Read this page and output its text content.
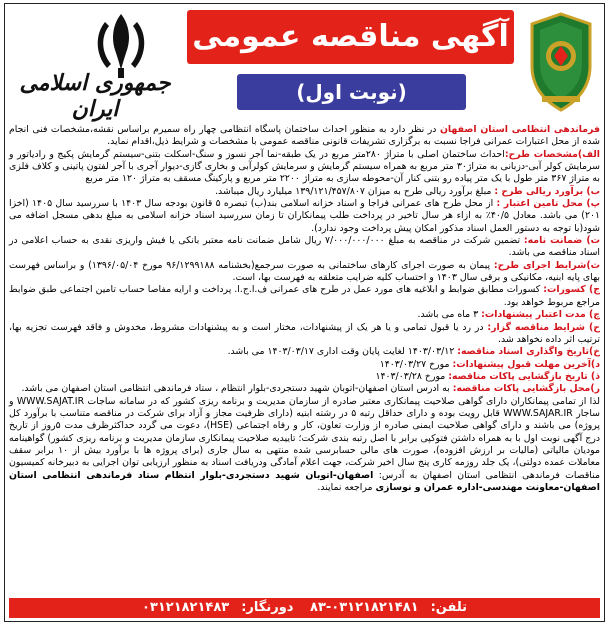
آگهی مناقصه عمومی
(نوبت اول)
جمهوری اسلامی ایران

فرماندهی انتظامی استان اصفهان در نظر دارد به منظور احداث ساختمان پاسگاه انتظامی چهار راه سمیرم براساس نقشه،مشخصات فنی انجام شده از محل اعتبارات عمرانی فراجا نسبت به برگزاری تشریفات قانونی مناقصه عمومی با مشخصات و شرایط ذیل،اقدام نماید.

الف)مشخصات طرح:احداث ساختمان اصلی با متراژ ۲۸۰متر مربع در یک طبقه-نما آجر نسوز و سنگ-اسکلت بتنی-سیستم گرمایش پکیج و رادیاتور و سرمایش کولر آبی-دزبانی به متراژ۳۰ متر مربع به همراه سیستم گرمایش و سرمایش کولرآبی و بخاری گازی-دیوار آجری با آجر لفتون پاتینی و کلاف فلزی به متراژ ۳۶۷ متر طول با یک متر پیاده رو بتنی کنار آن-محوطه سازی به متراژ ۲۲۰۰ متر مربع و پارکینگ مسقف به متراژ ۱۲۰ متر مربع

ب) برآورد ریالی طرح : مبلغ برآورد ریالی طرح به میزان ۱۳۹/۱۲۱/۴۵۷/۸۰۷ میلیارد ریال میباشد.

پ) محل تامین اعتبار : از محل طرح های عمرانی فراجا و اسناد خزانه اسلامی بند(ب) تبصره ۵ قانون بودجه سال ۱۴۰۳ با سررسید سال ۱۴۰۵ (اخزا ۲۰۱) می باشد. معادل ۴۰/۵٪ به ازاء هر سال تاخیر در پرداخت طلب پیمانکاران تا زمان سررسید اسناد خزانه اسلامی به مبلغ بدهی مسجل اضافه می شود(با توجه به دستور العمل اسناد مذکور امکان پیش پرداخت وجود ندارد).

ت) ضمانت نامه: تضمین شرکت در مناقصه به مبلغ ۷/۰۰۰/۰۰۰/۰۰۰ ریال شامل ضمانت نامه معتبر بانکی یا فیش واریزی نقدی به حساب اعلامی در اسناد مناقصه می باشد.

ث)شرایط اجرای طرح: پیمان به صورت اجرای کارهای ساختمانی به صورت سرجمع(بخشنامه ۹۶/۱۲۹۹۱۸۸ مورخ ۱۳۹۶/۰۵/۰۴) و براساس فهرست بهای پایه ابنیه، مکانیکی و برقی سال ۱۴۰۳ و احتساب کلیه ضرایب متعلقه به فهرست بها، است.

ج) کسورات: کسورات مطابق ضوابط و ابلاغیه های مورد عمل در طرح های عمرانی ف.ا.ج.ا. پرداخت و ارایه مفاصا حساب تامین اجتماعی طبق ضوابط مراجع مربوط خواهد بود.

چ) مدت اعتبار پیشنهادات: ۳ ماه می باشد.

ح) شرایط مناقصه گزار: در رد یا قبول تمامی و یا هر یک از پیشنهادات، مختار است و به پیشنهادات مشروط، مخدوش و فاقد فهرست تجزیه بها، ترتیب اثر داده نخواهد شد.

خ)تاریخ واگذاری اسناد مناقصه: ۱۴۰۳/۰۳/۱۲ لغایت پایان وقت اداری ۱۴۰۳/۰۳/۱۷ می باشد.

د)آخرین مهلت قبول پیشنهادات: مورخ ۱۴۰۳/۰۳/۲۷

ذ) تاریخ بازگشایی پاکات مناقصه: مورخ ۱۴۰۳/۰۳/۲۸

ر)محل بازگشایی پاکات مناقصه: به ادرس استان اصفهان-اتوبان شهید دستجردی-بلوار انتظام ، ستاد فرماندهی انتظامی استان اصفهان می باشد.

لذا از تمامی پیمانکاران دارای گواهی صلاحیت پیمانکاری معتبر صادره از سازمان مدیریت و برنامه ریزی کشور که در سامانه ساجات WWW.SAJAT.IR و ساجار WWW.SAJAR.IR قابل رویت بوده و دارای حداقل رتبه ۵ در رشته ابنیه (دارای ظرفیت مجاز و آزاد برای شرکت در مناقصه متناسب با برآورد کل پروژه) می باشند و دارای گواهی صلاحیت ایمنی صادره از وزارت تعاون، کار و رفاه اجتماعی (HSE)، دعوت می گردد حداکثرظرف مدت ۵روز از تاریخ درج آگهی نوبت اول با به همراه داشتن فتوکپی برابر با اصل رتبه بندی شرکت؛ تاییدیه صلاحیت پیمانکاری سازمان مدیریت و برنامه ریزی کشور) گواهینامه مودیان مالیاتی (مالیات بر ارزش افزوده)، صورت های مالی حسابرسی شده منتهی به سال جاری (برای پروژه ها با برآورد بیش از ۱۰ برابر سقف معاملات عمده دولتی)، یک جلد روزمه کاری پنج سال اخیر شرکت، جهت اعلام آمادگی ودریافت اسناد به منظور ارزیابی توان اجرایی به دبیرخانه کمیسیون مناقصات فرماندهی انتظامی استان اصفهان به آدرس: اصفهان-اتوبان شهید دستجردی-بلوار انتظام ستاد فرماندهی انتظامی استان اصفهان-معاونت مهندسی-اداره عمران و نوسازی مراجعه نمایند.

تلفن:۰۳۱۲۱۸۲۱۴۸۱-۸۳ دورنگار:۰۳۱۲۱۸۲۱۴۸۳
